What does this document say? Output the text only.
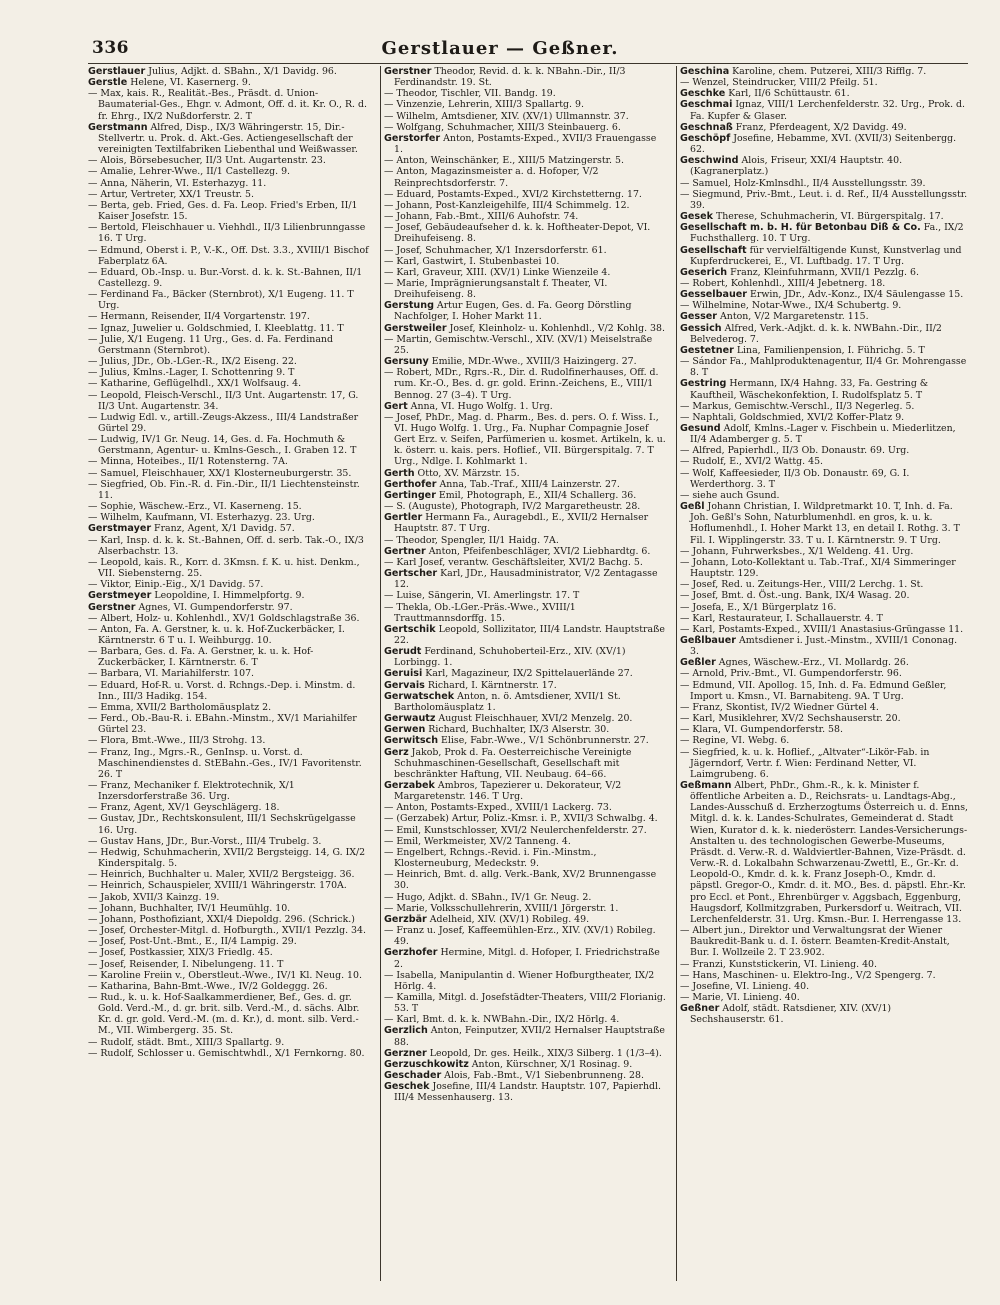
336	Gerstlauer — Geßner.

Gerstlauer Julius, Adjkt. d. SBahn., X/1 Davidg. 96.

Gerstle Helene, VI. Kasernerg. 9.

— Max, kais. R., Realität.-Bes., Präsdt. d. Union-Baumaterial-Ges., Ehgr. v. Admont, Off. d. it. Kr. O., R. d. fr. Ehrg., IX/2 Nußdorferstr. 2. T

Gerstmann Alfred, Disp., IX/3 Währingerstr. 15, Dir.-Stellvertr. u. Prok. d. Akt.-Ges. Actiengesellschaft der vereinigten Textilfabriken Liebenthal und Weißwasser.

— Alois, Börsebesucher, II/3 Unt. Augartenstr. 23.

— Amalie, Lehrer-Wwe., II/1 Castellezg. 9.

— Anna, Näherin, VI. Esterhazyg. 11.

— Artur, Vertreter, XX/1 Treustr. 5.

— Berta, geb. Fried, Ges. d. Fa. Leop. Fried's Erben, II/1 Kaiser Josefstr. 15.

— Bertold, Fleischhauer u. Viehhdl., II/3 Lilienbrunngasse 16. T Urg.

— Edmund, Oberst i. P., V.-K., Off. Dst. 3.3., XVIII/1 Bischof Faberplatz 6A.

— Eduard, Ob.-Insp. u. Bur.-Vorst. d. k. k. St.-Bahnen, II/1 Castellezg. 9.

— Ferdinand Fa., Bäcker (Sternbrot), X/1 Eugeng. 11. T Urg.

— Hermann, Reisender, II/4 Vorgartenstr. 197.

— Ignaz, Juwelier u. Goldschmied, I. Kleeblattg. 11. T

— Julie, X/1 Eugeng. 11 Urg., Ges. d. Fa. Ferdinand Gerstmann (Sternbrot).

— Julius, JDr., Ob.-LGer.-R., IX/2 Eiseng. 22.

— Julius, Kmlns.-Lager, I. Schottenring 9. T

— Katharine, Geflügelhdl., XX/1 Wolfsaug. 4.

— Leopold, Fleisch-Verschl., II/3 Unt. Augartenstr. 17, G. II/3 Unt. Augartenstr. 34.

— Ludwig Edl. v., artill.-Zeugs-Akzess., III/4 Landstraßer Gürtel 29.

— Ludwig, IV/1 Gr. Neug. 14, Ges. d. Fa. Hochmuth & Gerstmann, Agentur- u. Kmlns-Gesch., I. Graben 12. T

— Minna, Hoteibes., II/1 Rotensterng. 7A.

— Samuel, Fleischhauer, XX/1 Klosterneuburgerstr. 35.

— Siegfried, Ob. Fin.-R. d. Fin.-Dir., II/1 Liechtensteinstr. 11.

— Sophie, Wäschew.-Erz., VI. Kaserneng. 15.

— Wilhelm, Kaufmann, VI. Esterhazyg. 23. Urg.

Gerstmayer Franz, Agent, X/1 Davidg. 57.

— Karl, Insp. d. k. k. St.-Bahnen, Off. d. serb. Tak.-O., IX/3 Alserbachstr. 13.

— Leopold, kais. R., Korr. d. 3Kmsn. f. K. u. hist. Denkm., VII. Siebensterng. 25.

— Viktor, Einip.-Eig., X/1 Davidg. 57.

Gerstmeyer Leopoldine, I. Himmelpfortg. 9.

Gerstner Agnes, VI. Gumpendorferstr. 97.

— Albert, Holz- u. Kohlenhdl., XV/1 Goldschlagstraße 36.

— Anton, Fa. A. Gerstner, k. u. k. Hof-Zuckerbäcker, I. Kärntnerstr. 6 T u. I. Weihburgg. 10.

— Barbara, Ges. d. Fa. A. Gerstner, k. u. k. Hof-Zuckerbäcker, I. Kärntnerstr. 6. T

— Barbara, VI. Mariahilferstr. 107.

— Eduard, Hof-R. u. Vorst. d. Rchngs.-Dep. i. Minstm. d. Inn., III/3 Hadikg. 154.

— Emma, XVII/2 Bartholomäusplatz 2.

— Ferd., Ob.-Bau-R. i. EBahn.-Minstm., XV/1 Mariahilfer Gürtel 23.

— Flora, Bmt.-Wwe., III/3 Strohg. 13.

— Franz, Ing., Mgrs.-R., GenInsp. u. Vorst. d. Maschinendienstes d. StEBahn.-Ges., IV/1 Favoritenstr. 26. T

— Franz, Mechaniker f. Elektrotechnik, X/1 Inzersdorferstraße 36. Urg.

— Franz, Agent, XV/1 Geyschlägerg. 18.

— Gustav, JDr., Rechtskonsulent, III/1 Sechskrügelgasse 16. Urg.

— Gustav Hans, JDr., Bur.-Vorst., III/4 Trubelg. 3.

— Hedwig, Schuhmacherin, XVII/2 Bergsteigg. 14, G. IX/2 Kinderspitalg. 5.

— Heinrich, Buchhalter u. Maler, XVII/2 Bergsteigg. 36.

— Heinrich, Schauspieler, XVIII/1 Währingerstr. 170A.

— Jakob, XVII/3 Kainzg. 19.

— Johann, Buchhalter, IV/1 Heumühlg. 10.

— Johann, Posthofiziant, XXI/4 Diepoldg. 296. (Schrick.)

— Josef, Orchester-Mitgl. d. Hofburgth., XVII/1 Pezzlg. 34.

— Josef, Post-Unt.-Bmt., E., II/4 Lampig. 29.

— Josef, Postkassier, XIX/3 Friedlg. 45.

— Josef, Reisender, I. Nibelungeng. 11. T

— Karoline Freiin v., Oberstleut.-Wwe., IV/1 Kl. Neug. 10.

— Katharina, Bahn-Bmt.-Wwe., IV/2 Goldeggg. 26.

— Rud., k. u. k. Hof-Saalkammerdiener, Bef., Ges. d. gr. Gold. Verd.-M., d. gr. brit. silb. Verd.-M., d. sächs. Albr. Kr. d. gr. gold. Verd.-M. (m. d. Kr.), d. mont. silb. Verd.-M., VII. Wimbergerg. 35. St.

— Rudolf, städt. Bmt., XIII/3 Spallartg. 9.

— Rudolf, Schlosser u. Gemischtwhdl., X/1 Fernkorng. 80.

Gerstner Theodor, Revid. d. k. k. NBahn.-Dir., II/3 Ferdinandstr. 19. St.

— Theodor, Tischler, VII. Bandg. 19.

— Vinzenzie, Lehrerin, XIII/3 Spallartg. 9.

— Wilhelm, Amtsdiener, XIV. (XV/1) Ullmannstr. 37.

— Wolfgang, Schuhmacher, XIII/3 Steinbauerg. 6.

Gerstorfer Anton, Postamts-Exped., XVII/3 Frauengasse 1.

— Anton, Weinschänker, E., XIII/5 Matzingerstr. 5.

— Anton, Magazinsmeister a. d. Hofoper, V/2 Reinprechtsdorferstr. 7.

— Eduard, Postamts-Exped., XVI/2 Kirchstetterng. 17.

— Johann, Post-Kanzleigehilfe, III/4 Schimmelg. 12.

— Johann, Fab.-Bmt., XIII/6 Auhofstr. 74.

— Josef, Gebäudeaufseher d. k. k. Hoftheater-Depot, VI. Dreihufeiseng. 8.

— Josef, Schuhmacher, X/1 Inzersdorferstr. 61.

— Karl, Gastwirt, I. Stubenbastei 10.

— Karl, Graveur, XIII. (XV/1) Linke Wienzeile 4.

— Marie, Imprägnierungsanstalt f. Theater, VI. Dreihufeiseng. 8.

Gerstung Artur Eugen, Ges. d. Fa. Georg Dörstling Nachfolger, I. Hoher Markt 11.

Gerstweiler Josef, Kleinholz- u. Kohlenhdl., V/2 Kohlg. 38.

— Martin, Gemischtw.-Verschl., XIV. (XV/1) Meiselstraße 25.

Gersuny Emilie, MDr.-Wwe., XVIII/3 Haizingerg. 27.

— Robert, MDr., Rgrs.-R., Dir. d. Rudolfinerhauses, Off. d. rum. Kr.-O., Bes. d. gr. gold. Erinn.-Zeichens, E., VIII/1 Bennog. 27 (3–4). T Urg.

Gert Anna, VI. Hugo Wolfg. 1. Urg.

— Josef, PhDr., Mag. d. Pharm., Bes. d. pers. O. f. Wiss. I., VI. Hugo Wolfg. 1. Urg., Fa. Nuphar Compagnie Josef Gert Erz. v. Seifen, Parfümerien u. kosmet. Artikeln, k. u. k. österr. u. kais. pers. Hoflief., VII. Bürgerspitalg. 7. T Urg., Ndlge. I. Kohlmarkt 1.

Gerth Otto, XV. Märzstr. 15.

Gerthofer Anna, Tab.-Traf., XIII/4 Lainzerstr. 27.

Gertinger Emil, Photograph, E., XII/4 Schallerg. 36.

— S. (Auguste), Photograph, IV/2 Margaretheustr. 28.

Gertler Hermann Fa., Auragebdl., E., XVII/2 Hernalser Hauptstr. 87. T Urg.

— Theodor, Spengler, II/1 Haidg. 7A.

Gertner Anton, Pfeifenbeschläger, XVI/2 Liebhardtg. 6.

— Karl Josef, verantw. Geschäftsleiter, XVI/2 Bachg. 5.

Gertscher Karl, JDr., Hausadministrator, V/2 Zentagasse 12.

— Luise, Sängerin, VI. Amerlingstr. 17. T

— Thekla, Ob.-LGer.-Präs.-Wwe., XVIII/1 Trauttmannsdorffg. 15.

Gertschik Leopold, Sollizitator, III/4 Landstr. Hauptstraße 22.

Gerudt Ferdinand, Schuhoberteil-Erz., XIV. (XV/1) Lorbingg. 1.

Geruisi Karl, Magazineur, IX/2 Spittelauerlände 27.

Gervais Richard, I. Kärntnerstr. 17.

Gerwatschek Anton, n. ö. Amtsdiener, XVII/1 St. Bartholomäusplatz 1.

Gerwautz August Fleischhauer, XVI/2 Menzelg. 20.

Gerwen Richard, Buchhalter, IX/3 Alserstr. 30.

Gerwitsch Elise, Fabr.-Wwe., V/1 Schönbrunnerstr. 27.

Gerz Jakob, Prok d. Fa. Oesterreichische Vereinigte Schuhmaschinen-Gesellschaft, Gesellschaft mit beschränkter Haftung, VII. Neubaug. 64–66.

Gerzabek Ambros, Tapezierer u. Dekorateur, V/2 Margaretenstr. 146. T Urg.

— Anton, Postamts-Exped., XVIII/1 Lackerg. 73.

— (Gerzabek) Artur, Poliz.-Kmsr. i. P., XVII/3 Schwalbg. 4.

— Emil, Kunstschlosser, XVI/2 Neulerchenfelderstr. 27.

— Emil, Werkmeister, XV/2 Tanneng. 4.

— Engelbert, Rchngs.-Revid. i. Fin.-Minstm., Klosterneuburg, Medeckstr. 9.

— Heinrich, Bmt. d. allg. Verk.-Bank, XV/2 Brunnengasse 30.

— Hugo, Adjkt. d. SBahn., IV/1 Gr. Neug. 2.

— Marie, Volksschullehrerin, XVIII/1 Jörgerstr. 1.

Gerzbär Adelheid, XIV. (XV/1) Robileg. 49.

— Franz u. Josef, Kaffeemühlen-Erz., XIV. (XV/1) Robileg. 49.

Gerzhofer Hermine, Mitgl. d. Hofoper, I. Friedrichstraße 2.

— Isabella, Manipulantin d. Wiener Hofburgtheater, IX/2 Hörlg. 4.

— Kamilla, Mitgl. d. Josefstädter-Theaters, VIII/2 Florianig. 53. T

— Karl, Bmt. d. k. k. NWBahn.-Dir., IX/2 Hörlg. 4.

Gerzlich Anton, Feinputzer, XVII/2 Hernalser Hauptstraße 88.

Gerzner Leopold, Dr. ges. Heilk., XIX/3 Silberg. 1 (1/3–4).

Gerzuschkowitz Anton, Kürschner, X/1 Rosinag. 9.

Geschader Alois, Fab.-Bmt., V/1 Siebenbrunneng. 28.

Geschek Josefine, III/4 Landstr. Hauptstr. 107, Papierhdl. III/4 Messenhauserg. 13.

Geschina Karoline, chem. Putzerei, XIII/3 Rifflg. 7.

— Wenzel, Steindrucker, VIII/2 Pfeilg. 51.

Geschke Karl, II/6 Schüttaustr. 61.

Geschmai Ignaz, VIII/1 Lerchenfelderstr. 32. Urg., Prok. d. Fa. Kupfer & Glaser.

Geschnaß Franz, Pferdeagent, X/2 Davidg. 49.

Geschöpf Josefine, Hebamme, XVI. (XVII/3) Seitenbergg. 62.

Geschwind Alois, Friseur, XXI/4 Hauptstr. 40. (Kagranerplatz.)

— Samuel, Holz-Kmlnsdhl., II/4 Ausstellungsstr. 39.

— Siegmund, Priv.-Bmt., Leut. i. d. Ref., II/4 Ausstellungsstr. 39.

Gesek Therese, Schuhmacherin, VI. Bürgerspitalg. 17.

Gesellschaft m. b. H. für Betonbau Diß & Co. Fa., IX/2 Fuchsthallerg. 10. T Urg.

Gesellschaft für vervielfältigende Kunst, Kunstverlag und Kupferdruckerei, E., VI. Luftbadg. 17. T Urg.

Geserich Franz, Kleinfuhrmann, XVII/1 Pezzlg. 6.

— Robert, Kohlenhdl., XIII/4 Jebetnerg. 18.

Gesselbauer Erwin, JDr., Adv.-Konz., IX/4 Säulengasse 15.

— Wilhelmine, Notar-Wwe., IX/4 Schubertg. 9.

Gesser Anton, V/2 Margaretenstr. 115.

Gessich Alfred, Verk.-Adjkt. d. k. k. NWBahn.-Dir., II/2 Belvederog. 7.

Gestetner Lina, Familienpension, I. Führichg. 5. T

— Sándor Fa., Mahlproduktenagentur, II/4 Gr. Mohrengasse 8. T

Gestring Hermann, IX/4 Hahng. 33, Fa. Gestring & Kauftheil, Wäschekonfektion, I. Rudolfsplatz 5. T

— Markus, Gemischtw.-Verschl., II/3 Negerleg. 5.

— Naphtali, Goldschmied, XVI/2 Koffer-Platz 9.

Gesund Adolf, Kmlns.-Lager v. Fischbein u. Miederlitzen, II/4 Adamberger g. 5. T

— Alfred, Papierhdl., II/3 Ob. Donaustr. 69. Urg.

— Rudolf, E., XVI/2 Wattg. 45.

— Wolf, Kaffeesieder, II/3 Ob. Donaustr. 69, G. I. Werderthorg. 3. T

— siehe auch Gsund.

Geßl Johann Christian, I. Wildpretmarkt 10. T, Inh. d. Fa. Joh. Geßl's Sohn, Naturblumenhdl. en gros, k. u. k. Hoflumenhdl., I. Hoher Markt 13, en detail I. Rothg. 3. T Fil. I. Wipplingerstr. 33. T u. I. Kärntnerstr. 9. T Urg.

— Johann, Fuhrwerksbes., X/1 Weldeng. 41. Urg.

— Johann, Loto-Kollektant u. Tab.-Traf., XI/4 Simmeringer Hauptstr. 129.

— Josef, Red. u. Zeitungs-Her., VIII/2 Lerchg. 1. St.

— Josef, Bmt. d. Öst.-ung. Bank, IX/4 Wasag. 20.

— Josefa, E., X/1 Bürgerplatz 16.

— Karl, Restaurateur, I. Schallauerstr. 4. T

— Karl, Postamts-Exped., XVIII/1 Anastasius-Grüngasse 11.

Geßlbauer Amtsdiener i. Just.-Minstm., XVIII/1 Cononag. 3.

Geßler Agnes, Wäschew.-Erz., VI. Mollardg. 26.

— Arnold, Priv.-Bmt., VI. Gumpendorferstr. 96.

— Edmund, VII. Apollog. 15, Inh. d. Fa. Edmund Geßler, Import u. Kmsn., VI. Barnabiteng. 9A. T Urg.

— Franz, Skontist, IV/2 Wiedner Gürtel 4.

— Karl, Musiklehrer, XV/2 Sechshauserstr. 20.

— Klara, VI. Gumpendorferstr. 58.

— Regine, VI. Webg. 6.

— Siegfried, k. u. k. Hoflief., „Altvater“-Likör-Fab. in Jägerndorf, Vertr. f. Wien: Ferdinand Netter, VI. Laimgrubeng. 6.

Geßmann Albert, PhDr., Ghm.-R., k. k. Minister f. öffentliche Arbeiten a. D., Reichsrats- u. Landtags-Abg., Landes-Ausschuß d. Erzherzogtums Österreich u. d. Enns, Mitgl. d. k. k. Landes-Schulrates, Gemeinderat d. Stadt Wien, Kurator d. k. k. niederösterr. Landes-Versicherungs-Anstalten u. des technologischen Gewerbe-Museums, Präsdt. d. Verw.-R. d. Waldviertler-Bahnen, Vize-Präsdt. d. Verw.-R. d. Lokalbahn Schwarzenau-Zwettl, E., Gr.-Kr. d. Leopold-O., Kmdr. d. k. k. Franz Joseph-O., Kmdr. d. päpstl. Gregor-O., Kmdr. d. it. MO., Bes. d. päpstl. Ehr.-Kr. pro Eccl. et Pont., Ehrenbürger v. Aggsbach, Eggenburg, Haugsdorf, Kollmitzgraben, Purkersdorf u. Weitrach, VII. Lerchenfelderstr. 31. Urg. Kmsn.-Bur. I. Herrengasse 13.

— Albert jun., Direktor und Verwaltungsrat der Wiener Baukredit-Bank u. d. I. österr. Beamten-Kredit-Anstalt, Bur. I. Wollzeile 2. T 23.902.

— Franzi, Kunststickerin, VI. Linieng. 40.

— Hans, Maschinen- u. Elektro-Ing., V/2 Spengerg. 7.

— Josefine, VI. Linieng. 40.

— Marie, VI. Linieng. 40.

Geßner Adolf, städt. Ratsdiener, XIV. (XV/1) Sechshauserstr. 61.
